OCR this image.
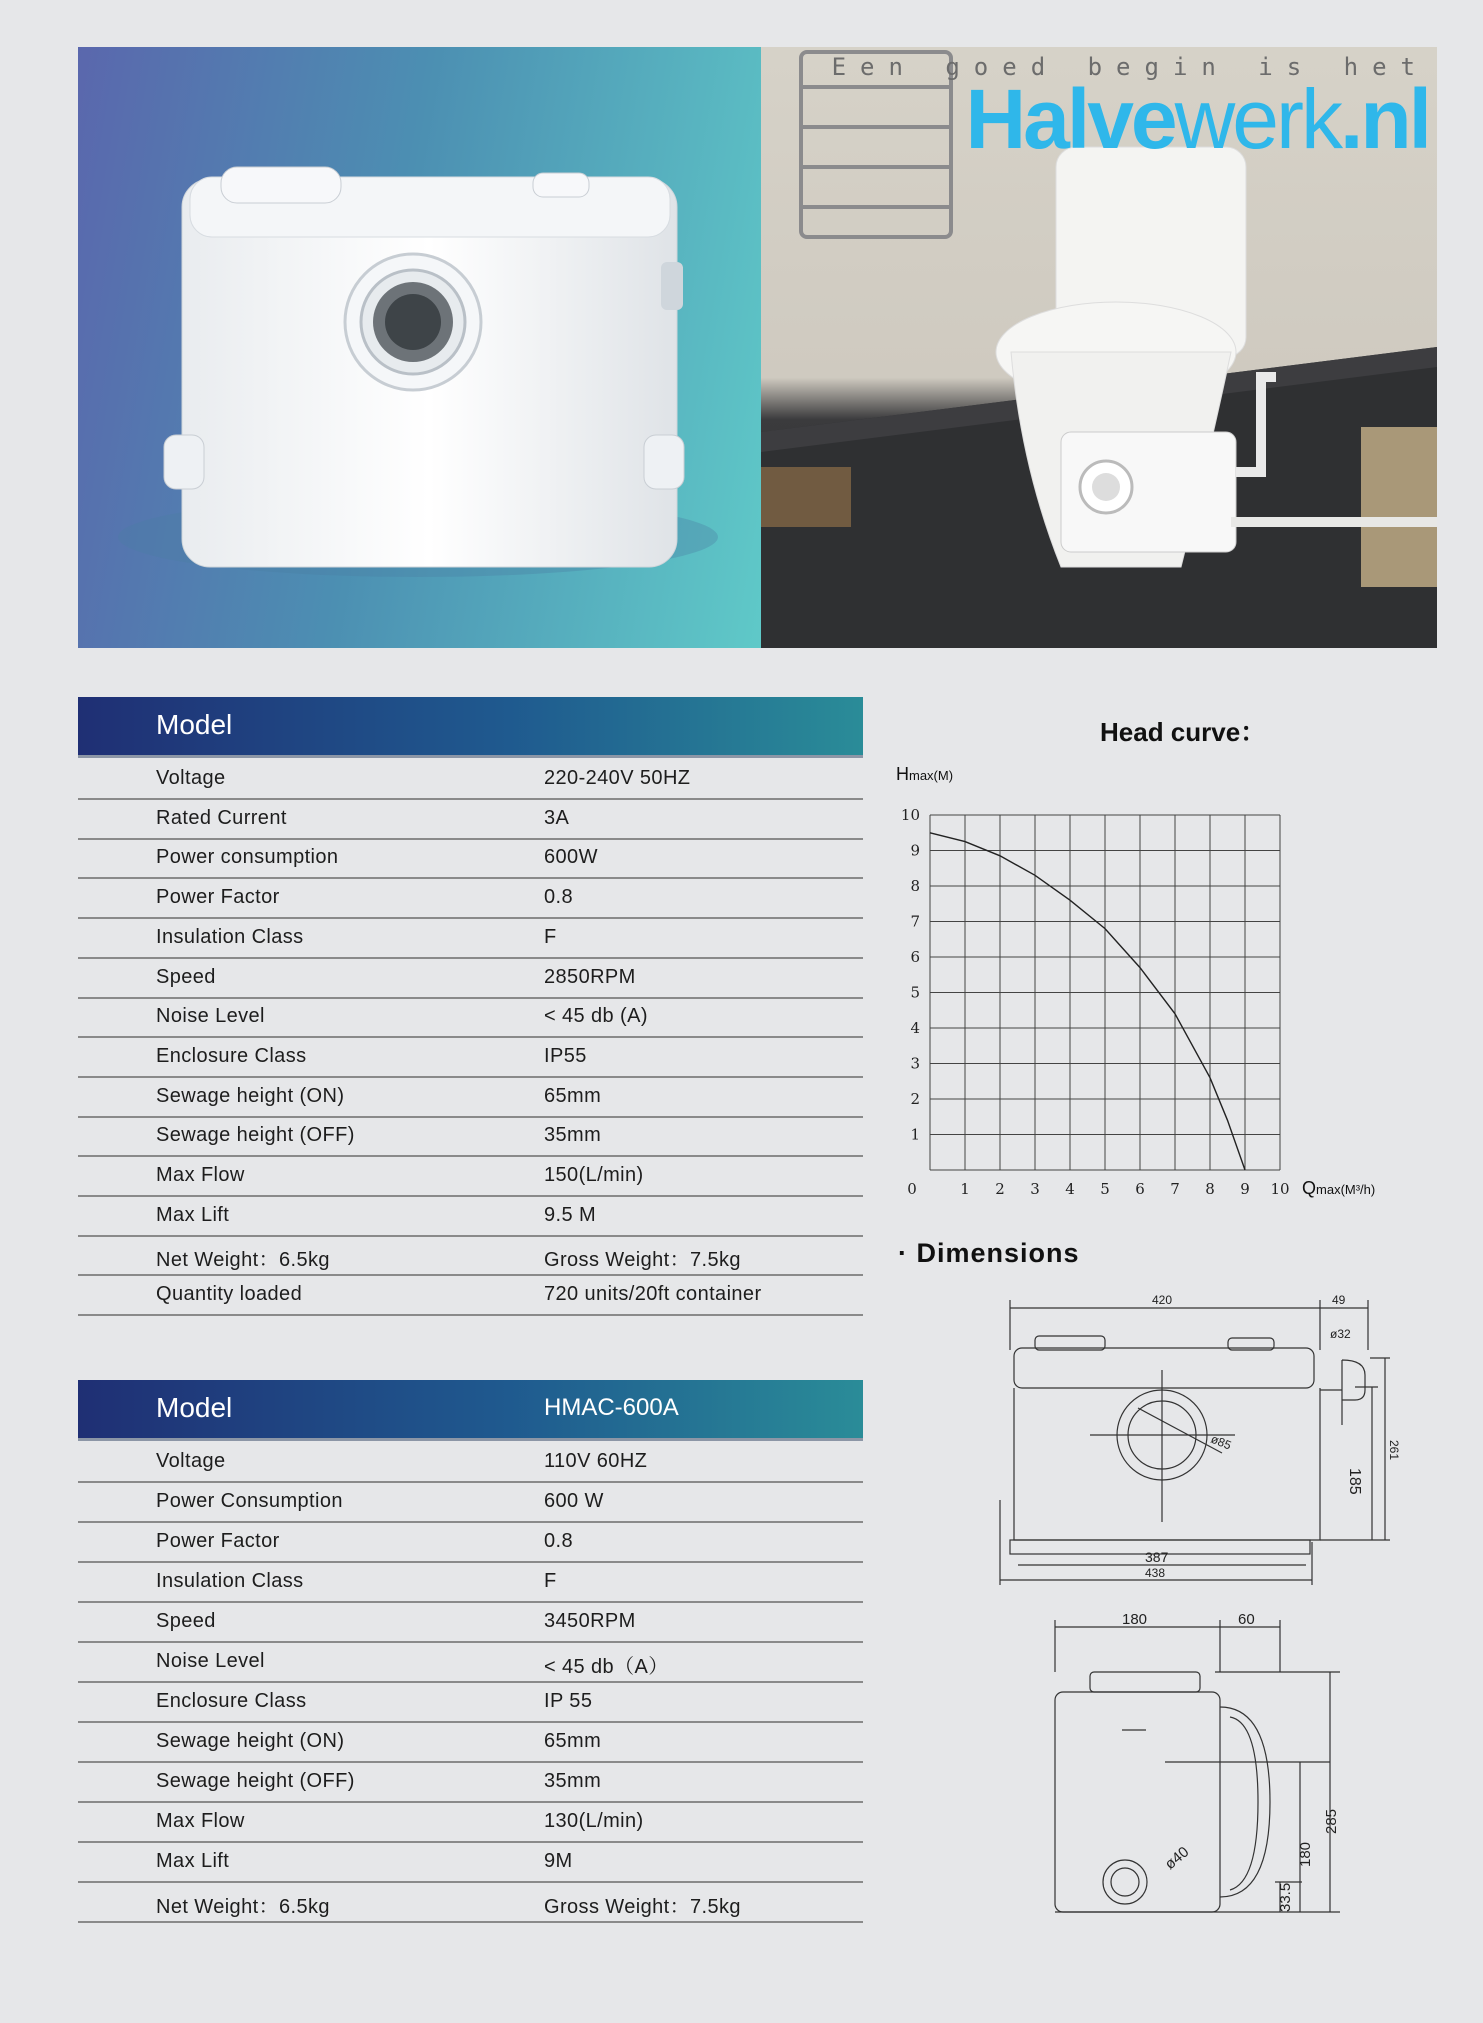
Een goed begin is het
Halvewerk.nl
Model
Voltage	220-240V 50HZ
Rated Current	3A
Power consumption	600W
Power Factor	0.8
Insulation Class	F
Speed	2850RPM
Noise Level	< 45 db (A)
Enclosure Class	IP55
Sewage height (ON)	65mm
Sewage height (OFF)	35mm
Max Flow	150(L/min)
Max Lift	9.5 M
Net Weight：6.5kg	Gross Weight：7.5kg
Quantity loaded	720 units/20ft container
Model	HMAC-600A
Voltage	110V 60HZ
Power Consumption	600 W
Power Factor	0.8
Insulation Class	F
Speed	3450RPM
Noise Level	< 45 db（A）
Enclosure Class	IP 55
Sewage height (ON)	65mm
Sewage height (OFF)	35mm
Max Flow	130(L/min)
Max Lift	9M
Net Weight：6.5kg	Gross Weight：7.5kg
Head curve：
0	1 2 3 4 5 6 7 8 9 10
1
2
3
4
5
6
7
8
9
10
Hmax(M)
Qmax(M³/h)
· Dimensions
420	49
ø32
ø85
185
261
387
438
180	60
285
180
33.5
ø40
